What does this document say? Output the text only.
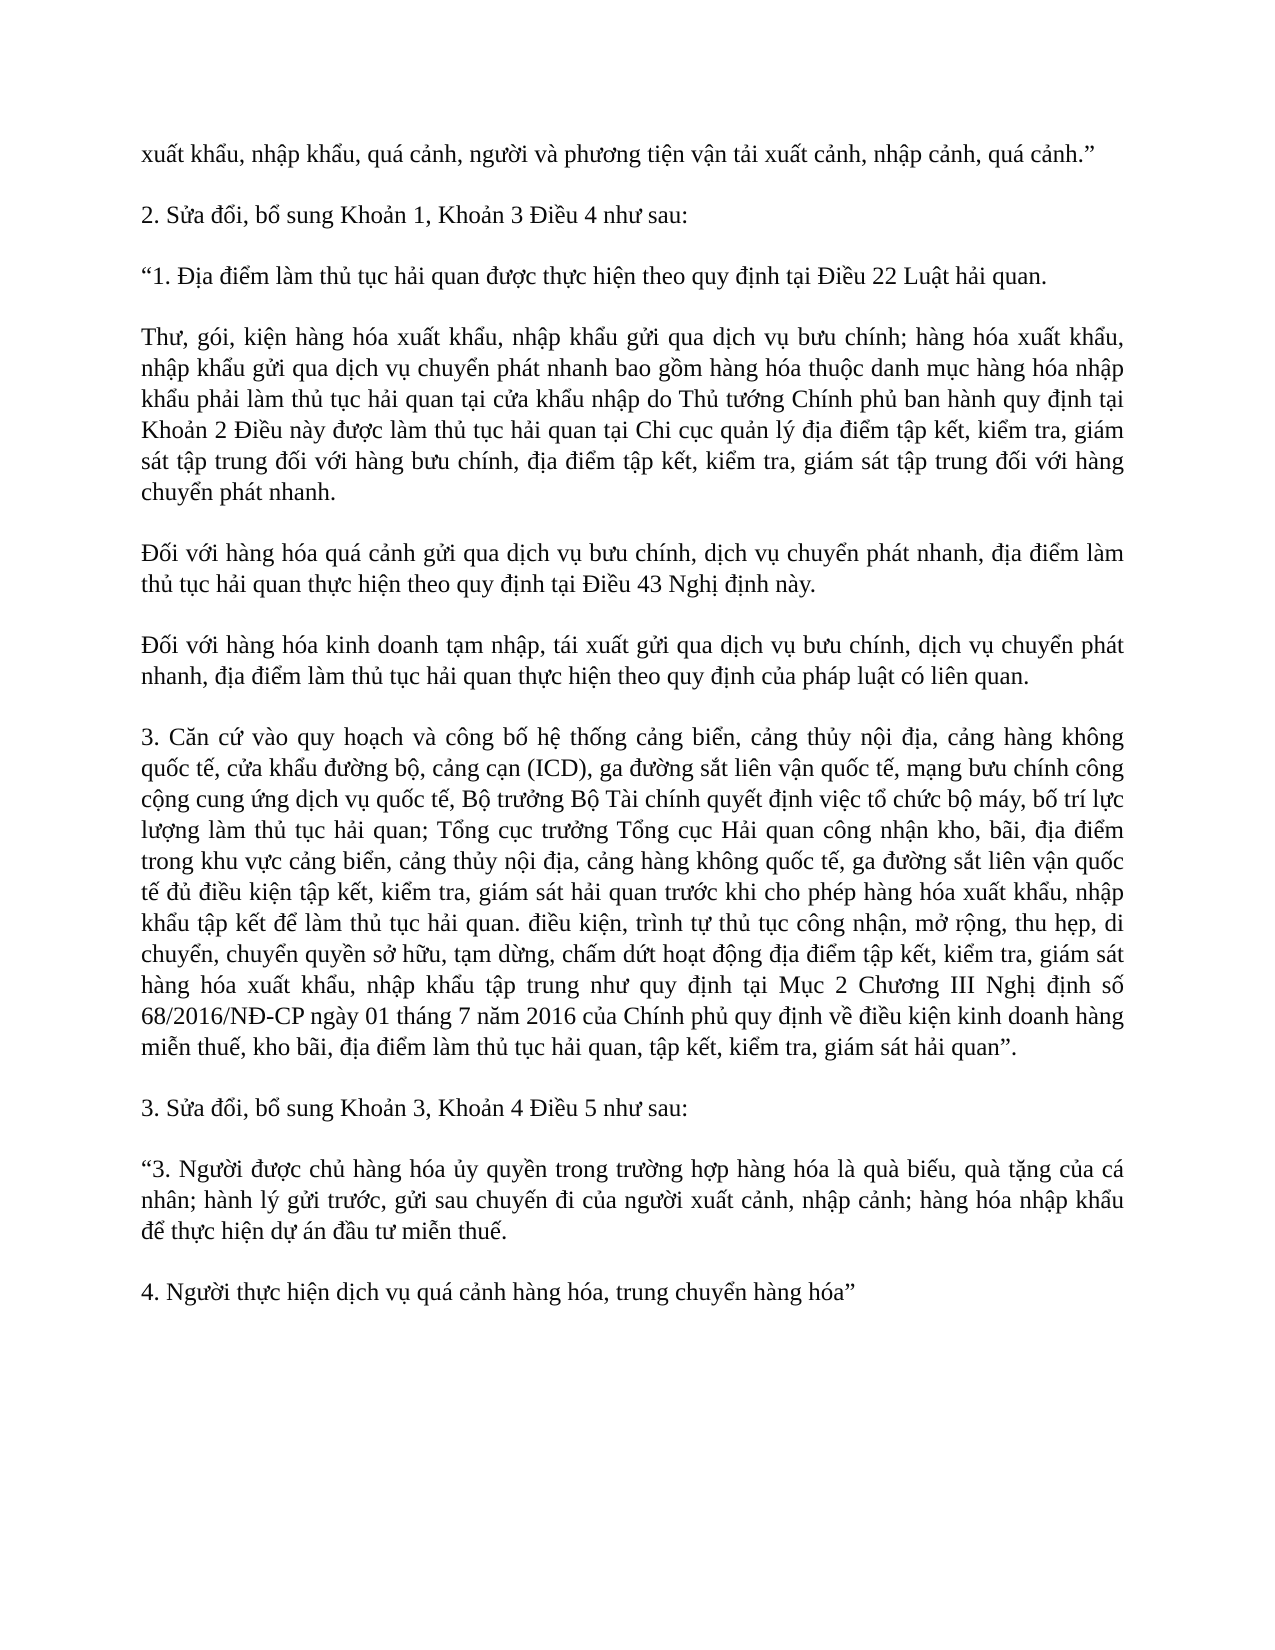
xuất khẩu, nhập khẩu, quá cảnh, người và phương tiện vận tải xuất cảnh, nhập cảnh, quá cảnh.”

2. Sửa đổi, bổ sung Khoản 1, Khoản 3 Điều 4 như sau:

“1. Địa điểm làm thủ tục hải quan được thực hiện theo quy định tại Điều 22 Luật hải quan.

Thư, gói, kiện hàng hóa xuất khẩu, nhập khẩu gửi qua dịch vụ bưu chính; hàng hóa xuất khẩu, nhập khẩu gửi qua dịch vụ chuyển phát nhanh bao gồm hàng hóa thuộc danh mục hàng hóa nhập khẩu phải làm thủ tục hải quan tại cửa khẩu nhập do Thủ tướng Chính phủ ban hành quy định tại Khoản 2 Điều này được làm thủ tục hải quan tại Chi cục quản lý địa điểm tập kết, kiểm tra, giám sát tập trung đối với hàng bưu chính, địa điểm tập kết, kiểm tra, giám sát tập trung đối với hàng chuyển phát nhanh.

Đối với hàng hóa quá cảnh gửi qua dịch vụ bưu chính, dịch vụ chuyển phát nhanh, địa điểm làm thủ tục hải quan thực hiện theo quy định tại Điều 43 Nghị định này.

Đối với hàng hóa kinh doanh tạm nhập, tái xuất gửi qua dịch vụ bưu chính, dịch vụ chuyển phát nhanh, địa điểm làm thủ tục hải quan thực hiện theo quy định của pháp luật có liên quan.

3. Căn cứ vào quy hoạch và công bố hệ thống cảng biển, cảng thủy nội địa, cảng hàng không quốc tế, cửa khẩu đường bộ, cảng cạn (ICD), ga đường sắt liên vận quốc tế, mạng bưu chính công cộng cung ứng dịch vụ quốc tế, Bộ trưởng Bộ Tài chính quyết định việc tổ chức bộ máy, bố trí lực lượng làm thủ tục hải quan; Tổng cục trưởng Tổng cục Hải quan công nhận kho, bãi, địa điểm trong khu vực cảng biển, cảng thủy nội địa, cảng hàng không quốc tế, ga đường sắt liên vận quốc tế đủ điều kiện tập kết, kiểm tra, giám sát hải quan trước khi cho phép hàng hóa xuất khẩu, nhập khẩu tập kết để làm thủ tục hải quan. điều kiện, trình tự thủ tục công nhận, mở rộng, thu hẹp, di chuyển, chuyển quyền sở hữu, tạm dừng, chấm dứt hoạt động địa điểm tập kết, kiểm tra, giám sát hàng hóa xuất khẩu, nhập khẩu tập trung như quy định tại Mục 2 Chương III Nghị định số 68/2016/NĐ-CP ngày 01 tháng 7 năm 2016 của Chính phủ quy định về điều kiện kinh doanh hàng miễn thuế, kho bãi, địa điểm làm thủ tục hải quan, tập kết, kiểm tra, giám sát hải quan”.

3. Sửa đổi, bổ sung Khoản 3, Khoản 4 Điều 5 như sau:

“3. Người được chủ hàng hóa ủy quyền trong trường hợp hàng hóa là quà biếu, quà tặng của cá nhân; hành lý gửi trước, gửi sau chuyến đi của người xuất cảnh, nhập cảnh; hàng hóa nhập khẩu để thực hiện dự án đầu tư miễn thuế.

4. Người thực hiện dịch vụ quá cảnh hàng hóa, trung chuyển hàng hóa”
